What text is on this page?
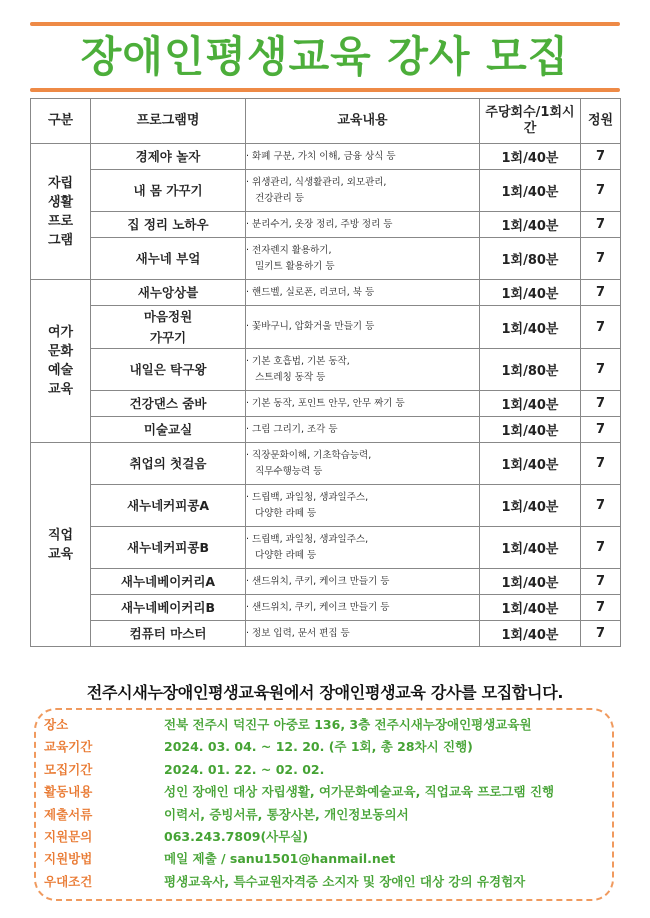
장애인평생교육 강사 모집
구분	프로그램명	교육내용	주당회수/1회시간	정원
자립
생활
프로
그램	경제야 놀자	· 화폐 구분, 가치 이해, 금융 상식 등	1회/40분	7
	내 몸 가꾸기	· 위생관리, 식생활관리, 외모관리,
건강관리 등	1회/40분	7
	집 정리 노하우	· 분리수거, 옷장 정리, 주방 정리 등	1회/40분	7
	새누네 부엌	· 전자렌지 활용하기,
밀키트 활용하기 등	1회/80분	7
여가
문화
예술
교육	새누앙상블	· 핸드벨, 실로폰, 리코더, 북 등	1회/40분	7
	마음정원
가꾸기	· 꽃바구니, 압화거울 만들기 등	1회/40분	7
	내일은 탁구왕	· 기본 호흡법, 기본 동작,
스트레칭 동작 등	1회/80분	7
	건강댄스 줌바	· 기본 동작, 포인트 안무, 안무 짜기 등	1회/40분	7
	미술교실	· 그림 그리기, 조각 등	1회/40분	7
직업
교육	취업의 첫걸음	· 직장문화이해, 기초학습능력,
직무수행능력 등	1회/40분	7
	새누네커피콩A	· 드립백, 과일청, 생과일주스,
다양한 라떼 등	1회/40분	7
	새누네커피콩B	· 드립백, 과일청, 생과일주스,
다양한 라떼 등	1회/40분	7
	새누네베이커리A	· 샌드위치, 쿠키, 케이크 만들기 등	1회/40분	7
	새누네베이커리B	· 샌드위치, 쿠키, 케이크 만들기 등	1회/40분	7
	컴퓨터 마스터	· 정보 입력, 문서 편집 등	1회/40분	7
전주시새누장애인평생교육원에서 장애인평생교육 강사를 모집합니다.
장소	전북 전주시 덕진구 아중로 136, 3층 전주시새누장애인평생교육원
교육기간	2024. 03. 04. ~ 12. 20. (주 1회, 총 28차시 진행)
모집기간	2024. 01. 22. ~ 02. 02.
활동내용	성인 장애인 대상 자립생활, 여가문화예술교육, 직업교육 프로그램 진행
제출서류	이력서, 증빙서류, 통장사본, 개인정보동의서
지원문의	063.243.7809(사무실)
지원방법	메일 제출 / sanu1501@hanmail.net
우대조건	평생교육사, 특수교원자격증 소지자 및 장애인 대상 강의 유경험자
